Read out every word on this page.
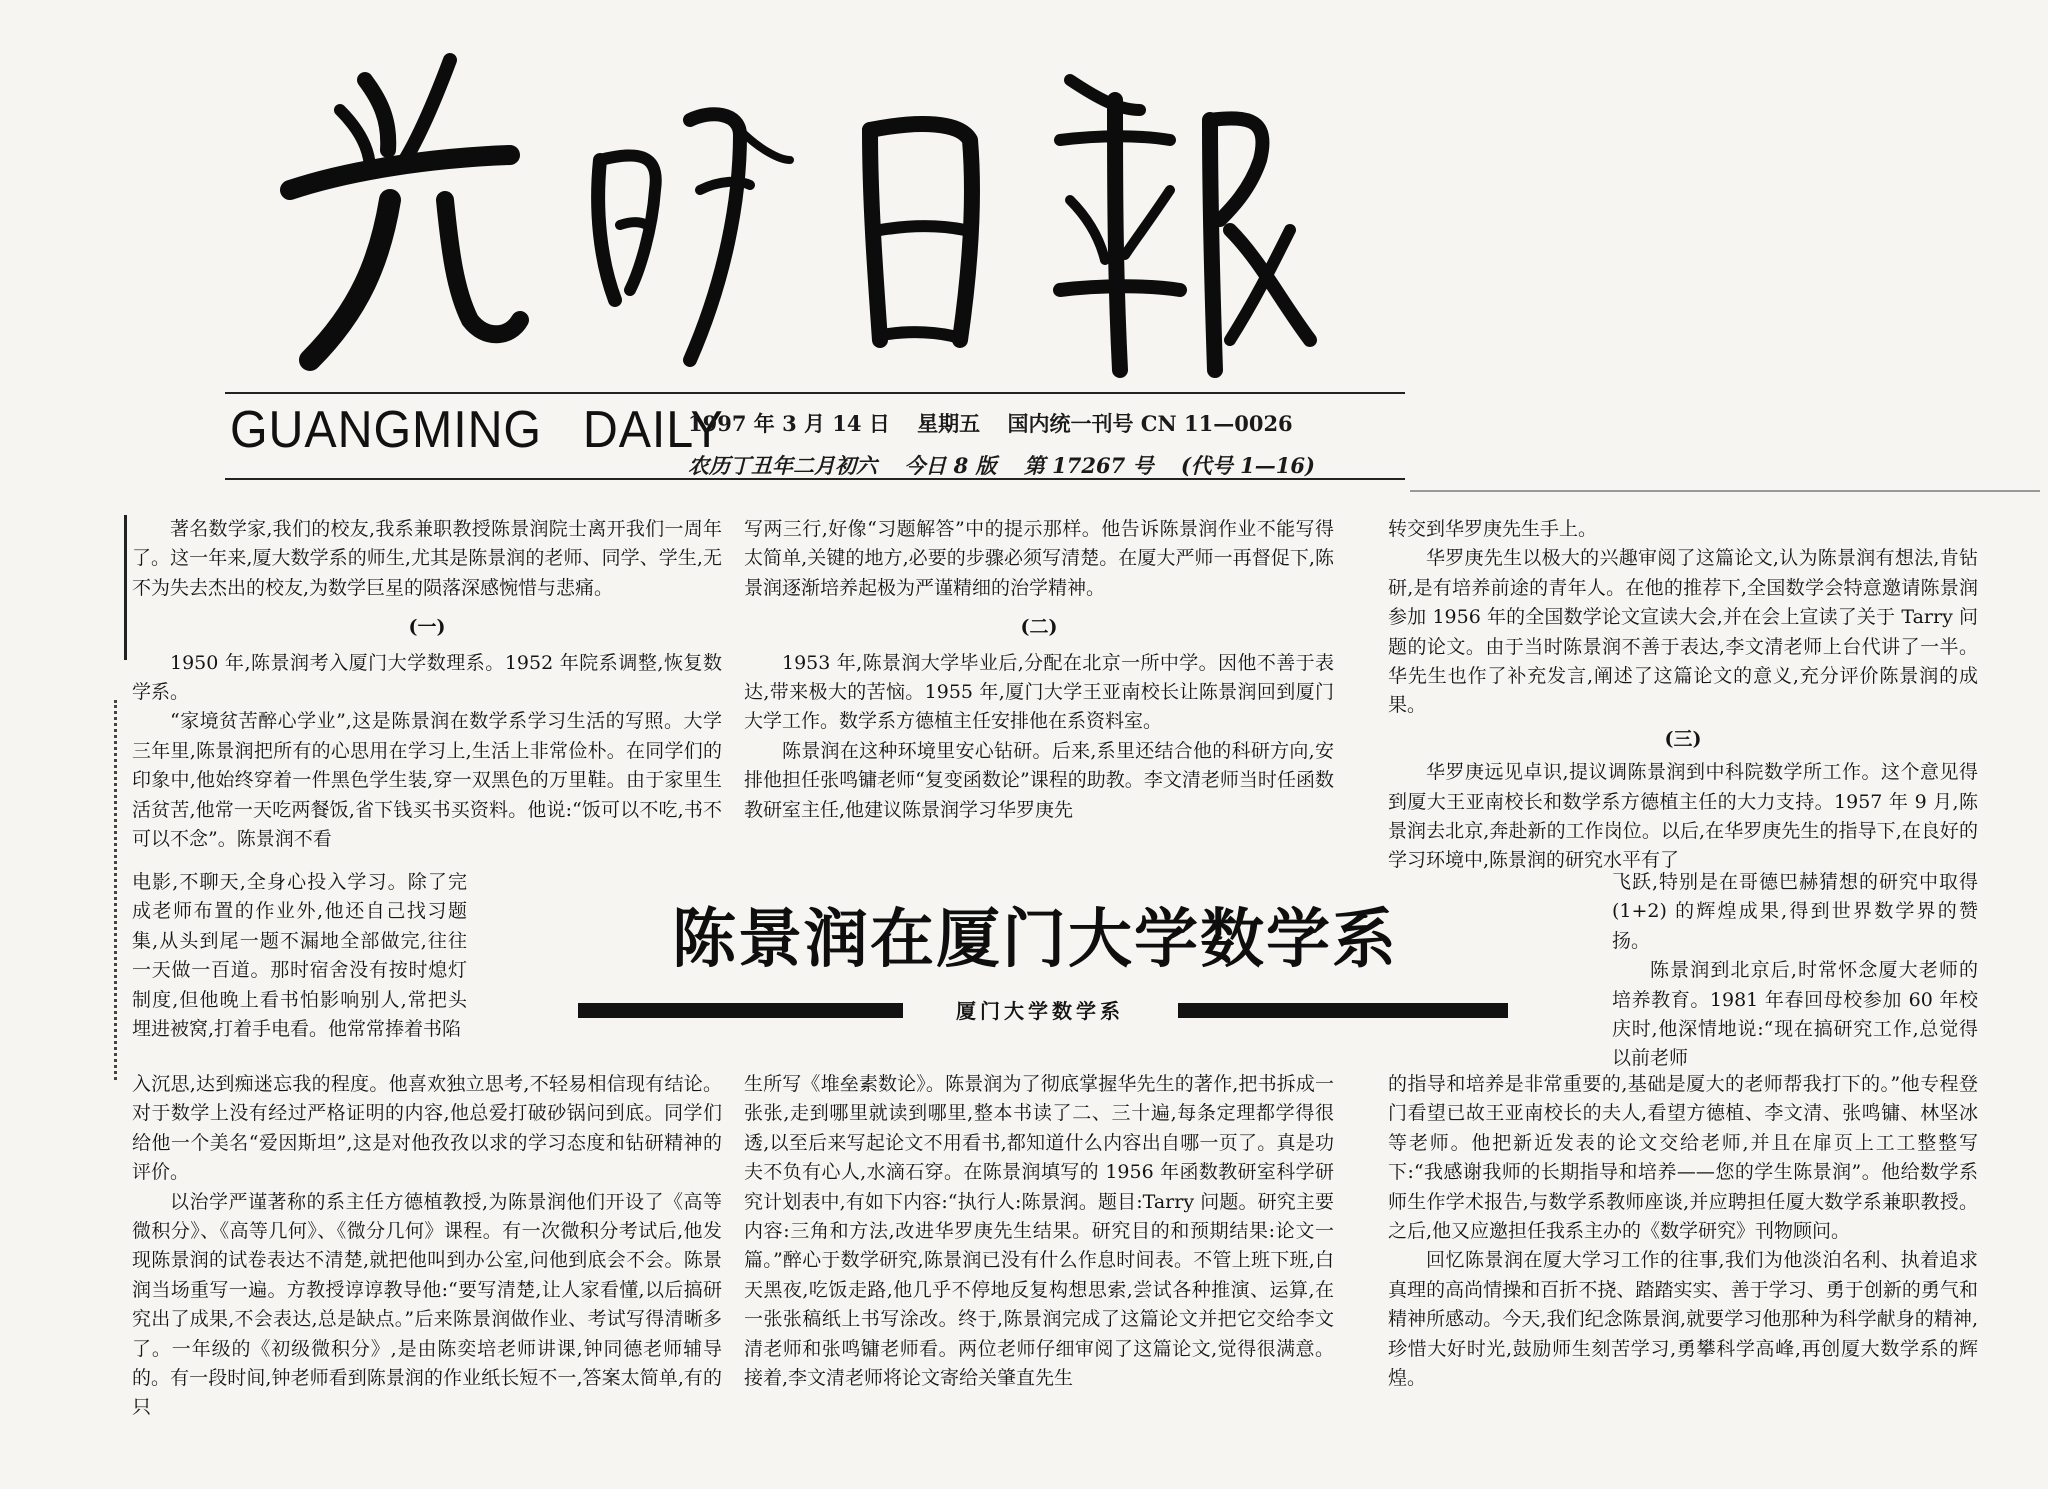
GUANGMING DAILY
1997 年 3 月 14 日 星期五 国内统一刊号 CN 11—0026
农历丁丑年二月初六 今日 8 版 第 17267 号 (代号 1—16)

著名数学家,我们的校友,我系兼职教授陈景润院士离开我们一周年了。这一年来,厦大数学系的师生,尤其是陈景润的老师、同学、学生,无不为失去杰出的校友,为数学巨星的陨落深感惋惜与悲痛。

(一)

1950 年,陈景润考入厦门大学数理系。1952 年院系调整,恢复数学系。

“家境贫苦醉心学业”,这是陈景润在数学系学习生活的写照。大学三年里,陈景润把所有的心思用在学习上,生活上非常俭朴。在同学们的印象中,他始终穿着一件黑色学生装,穿一双黑色的万里鞋。由于家里生活贫苦,他常一天吃两餐饭,省下钱买书买资料。他说:“饭可以不吃,书不可以不念”。陈景润不看

电影,不聊天,全身心投入学习。除了完成老师布置的作业外,他还自己找习题集,从头到尾一题不漏地全部做完,往往一天做一百道。那时宿舍没有按时熄灯制度,但他晚上看书怕影响别人,常把头埋进被窝,打着手电看。他常常捧着书陷

入沉思,达到痴迷忘我的程度。他喜欢独立思考,不轻易相信现有结论。对于数学上没有经过严格证明的内容,他总爱打破砂锅问到底。同学们给他一个美名“爱因斯坦”,这是对他孜孜以求的学习态度和钻研精神的评价。

以治学严谨著称的系主任方德植教授,为陈景润他们开设了《高等微积分》、《高等几何》、《微分几何》课程。有一次微积分考试后,他发现陈景润的试卷表达不清楚,就把他叫到办公室,问他到底会不会。陈景润当场重写一遍。方教授谆谆教导他:“要写清楚,让人家看懂,以后搞研究出了成果,不会表达,总是缺点。”后来陈景润做作业、考试写得清晰多了。一年级的《初级微积分》,是由陈奕培老师讲课,钟同德老师辅导的。有一段时间,钟老师看到陈景润的作业纸长短不一,答案太简单,有的只

写两三行,好像“习题解答”中的提示那样。他告诉陈景润作业不能写得太简单,关键的地方,必要的步骤必须写清楚。在厦大严师一再督促下,陈景润逐渐培养起极为严谨精细的治学精神。

(二)

1953 年,陈景润大学毕业后,分配在北京一所中学。因他不善于表达,带来极大的苦恼。1955 年,厦门大学王亚南校长让陈景润回到厦门大学工作。数学系方德植主任安排他在系资料室。

陈景润在这种环境里安心钻研。后来,系里还结合他的科研方向,安排他担任张鸣镛老师“复变函数论”课程的助教。李文清老师当时任函数教研室主任,他建议陈景润学习华罗庚先

生所写《堆垒素数论》。陈景润为了彻底掌握华先生的著作,把书拆成一张张,走到哪里就读到哪里,整本书读了二、三十遍,每条定理都学得很透,以至后来写起论文不用看书,都知道什么内容出自哪一页了。真是功夫不负有心人,水滴石穿。在陈景润填写的 1956 年函数教研室科学研究计划表中,有如下内容:“执行人:陈景润。题目:Tarry 问题。研究主要内容:三角和方法,改进华罗庚先生结果。研究目的和预期结果:论文一篇。”醉心于数学研究,陈景润已没有什么作息时间表。不管上班下班,白天黑夜,吃饭走路,他几乎不停地反复构想思索,尝试各种推演、运算,在一张张稿纸上书写涂改。终于,陈景润完成了这篇论文并把它交给李文清老师和张鸣镛老师看。两位老师仔细审阅了这篇论文,觉得很满意。接着,李文清老师将论文寄给关肇直先生

转交到华罗庚先生手上。

华罗庚先生以极大的兴趣审阅了这篇论文,认为陈景润有想法,肯钻研,是有培养前途的青年人。在他的推荐下,全国数学会特意邀请陈景润参加 1956 年的全国数学论文宣读大会,并在会上宣读了关于 Tarry 问题的论文。由于当时陈景润不善于表达,李文清老师上台代讲了一半。华先生也作了补充发言,阐述了这篇论文的意义,充分评价陈景润的成果。

(三)

华罗庚远见卓识,提议调陈景润到中科院数学所工作。这个意见得到厦大王亚南校长和数学系方德植主任的大力支持。1957 年 9 月,陈景润去北京,奔赴新的工作岗位。以后,在华罗庚先生的指导下,在良好的学习环境中,陈景润的研究水平有了

飞跃,特别是在哥德巴赫猜想的研究中取得 (1+2) 的辉煌成果,得到世界数学界的赞扬。

陈景润到北京后,时常怀念厦大老师的培养教育。1981 年春回母校参加 60 年校庆时,他深情地说:“现在搞研究工作,总觉得以前老师

的指导和培养是非常重要的,基础是厦大的老师帮我打下的。”他专程登门看望已故王亚南校长的夫人,看望方德植、李文清、张鸣镛、林坚冰等老师。他把新近发表的论文交给老师,并且在扉页上工工整整写下:“我感谢我师的长期指导和培养——您的学生陈景润”。他给数学系师生作学术报告,与数学系教师座谈,并应聘担任厦大数学系兼职教授。之后,他又应邀担任我系主办的《数学研究》刊物顾问。

回忆陈景润在厦大学习工作的往事,我们为他淡泊名利、执着追求真理的高尚情操和百折不挠、踏踏实实、善于学习、勇于创新的勇气和精神所感动。今天,我们纪念陈景润,就要学习他那种为科学献身的精神,珍惜大好时光,鼓励师生刻苦学习,勇攀科学高峰,再创厦大数学系的辉煌。

陈景润在厦门大学数学系
厦门大学数学系
